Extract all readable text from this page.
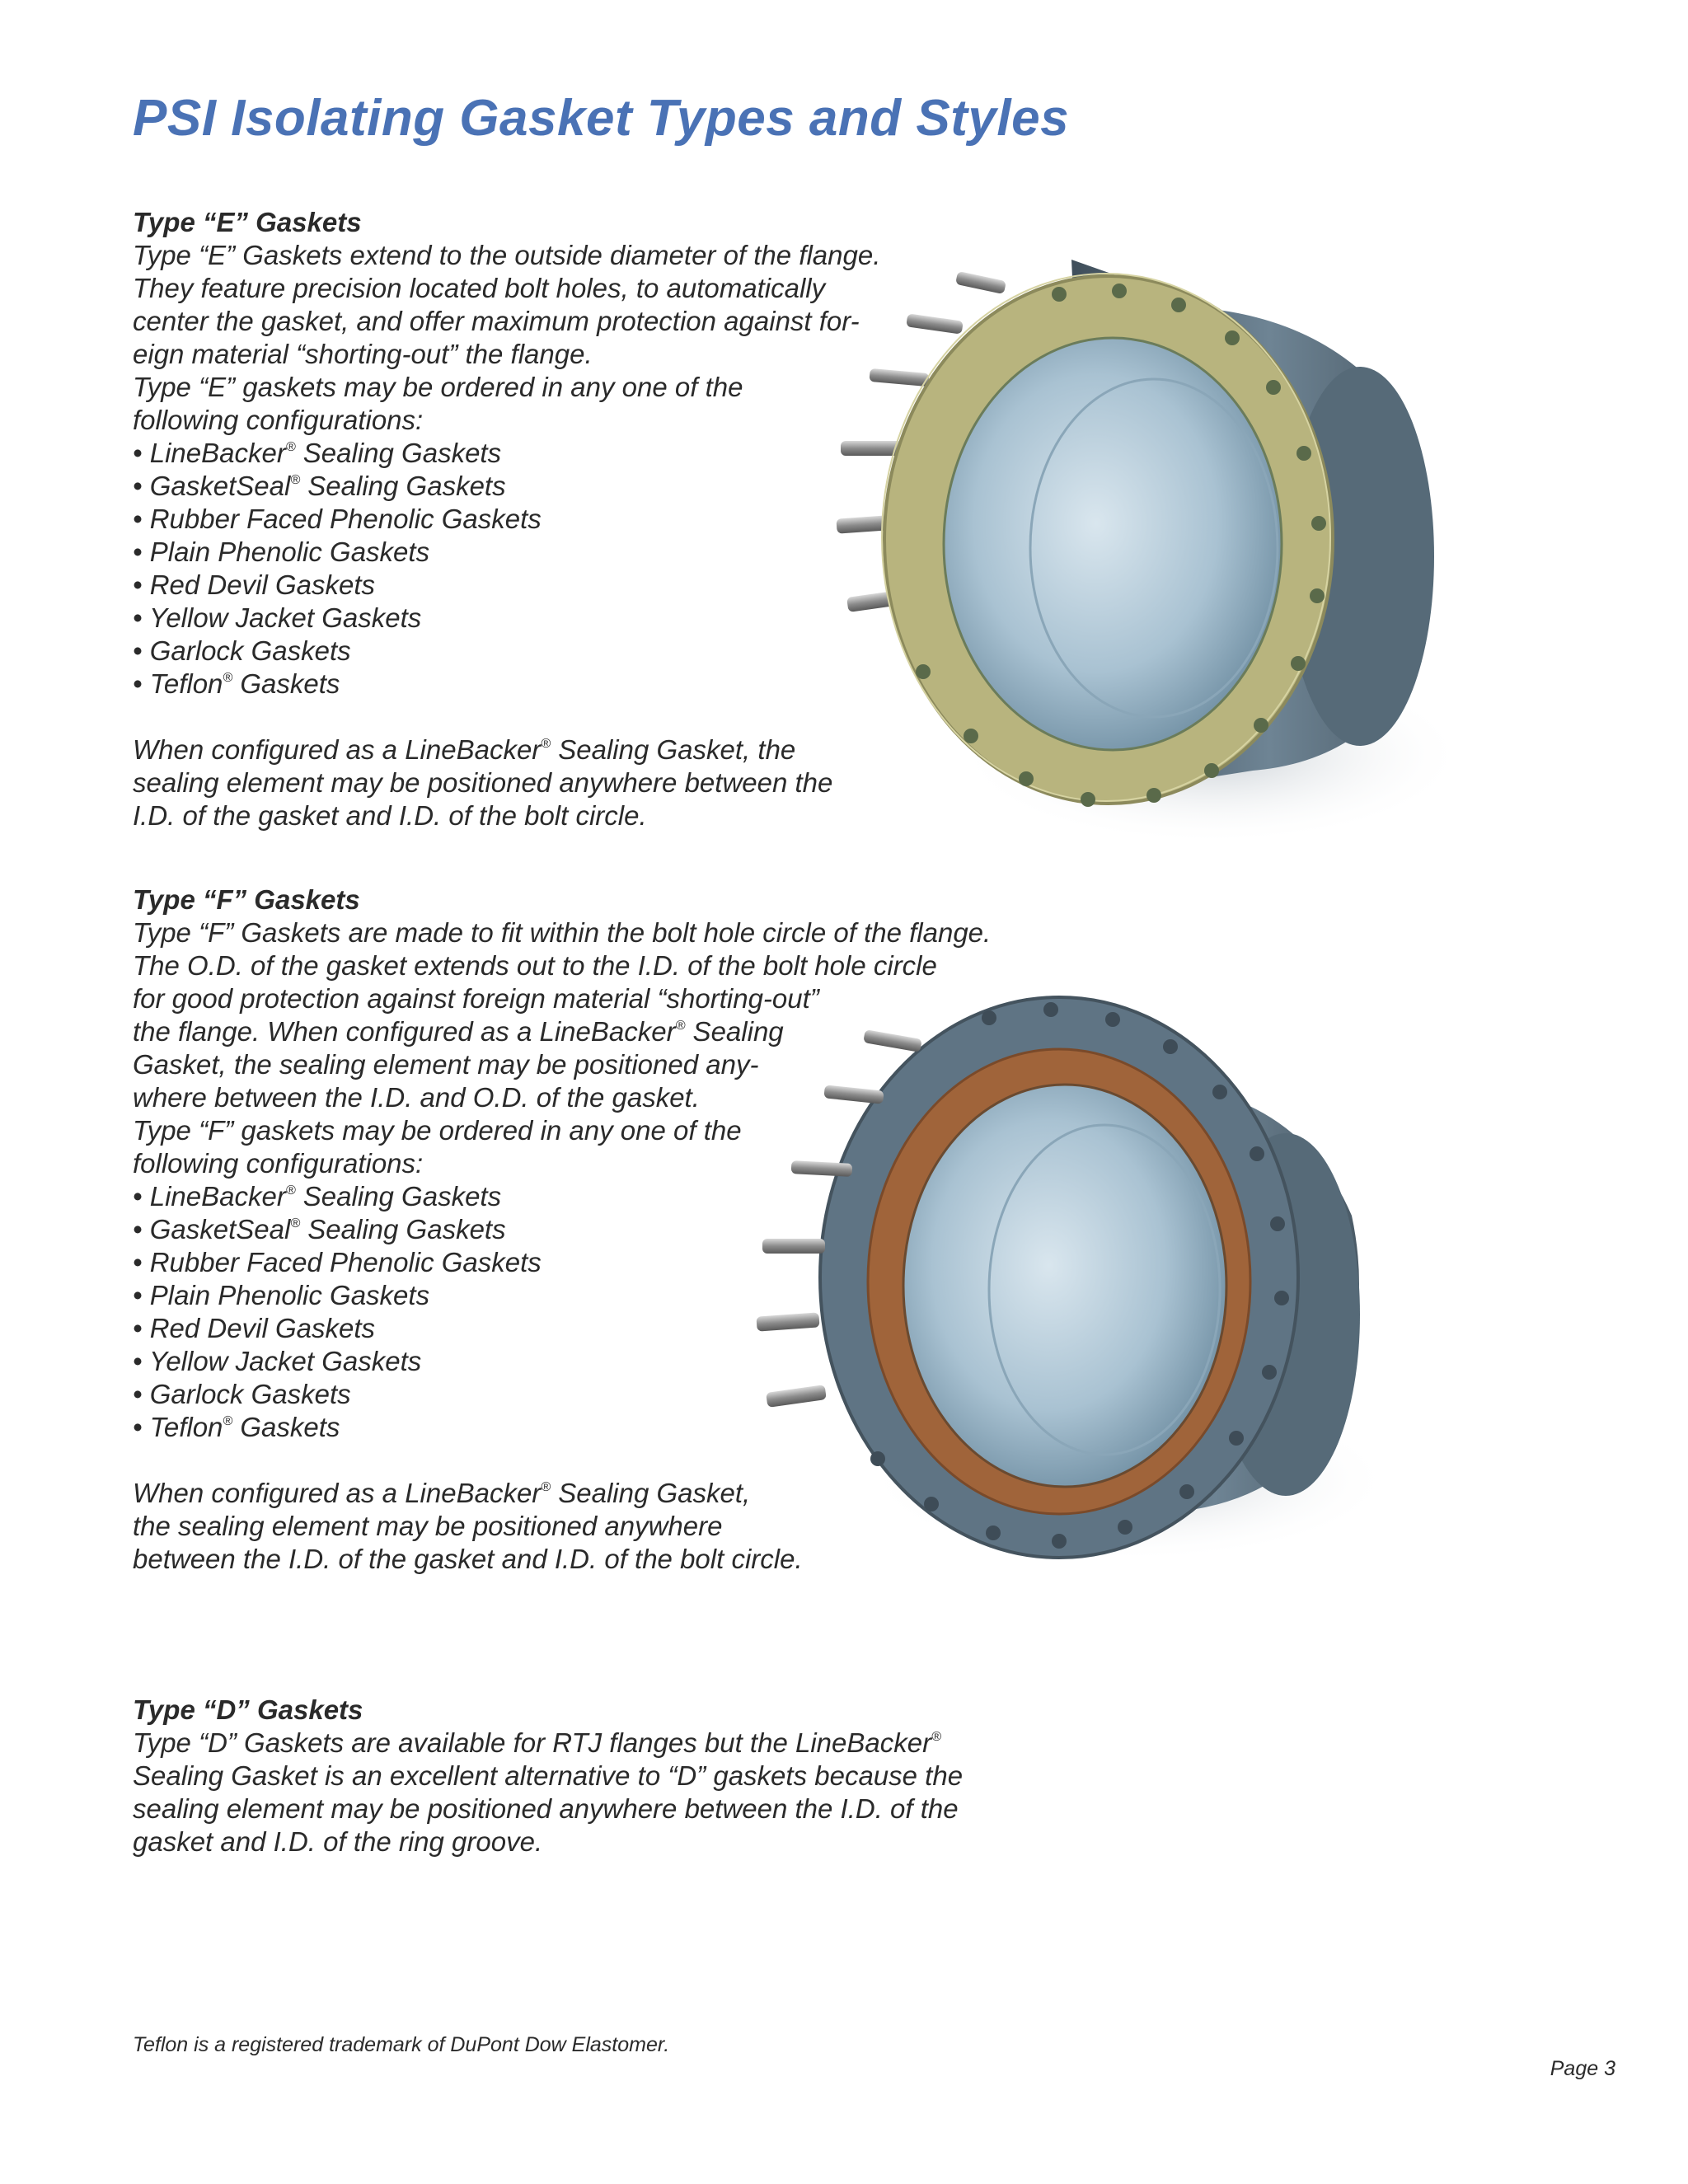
PSI Isolating Gasket Types and Styles

Type “E” Gaskets

Type “E” Gaskets extend to the outside diameter of the flange.

They feature precision located bolt holes, to automatically

center the gasket, and offer maximum protection against for-

eign material “shorting-out” the flange.

Type “E” gaskets may be ordered in any one of the

following configurations:

• LineBacker® Sealing Gaskets
• GasketSeal® Sealing Gaskets
• Rubber Faced Phenolic Gaskets
• Plain Phenolic Gaskets
• Red Devil Gaskets
• Yellow Jacket Gaskets
• Garlock Gaskets
• Teflon® Gaskets

When configured as a LineBacker® Sealing Gasket, the

sealing element may be positioned anywhere between the

I.D. of the gasket and I.D. of the bolt circle.

Type “F” Gaskets

Type “F” Gaskets are made to fit within the bolt hole circle of the flange.

The O.D. of the gasket extends out to the I.D. of the bolt hole circle

for good protection against foreign material “shorting-out”

the flange. When configured as a LineBacker® Sealing

Gasket, the sealing element may be positioned any-

where between the I.D. and O.D. of the gasket.

Type “F” gaskets may be ordered in any one of the

following configurations:

• LineBacker® Sealing Gaskets
• GasketSeal® Sealing Gaskets
• Rubber Faced Phenolic Gaskets
• Plain Phenolic Gaskets
• Red Devil Gaskets
• Yellow Jacket Gaskets
• Garlock Gaskets
• Teflon® Gaskets

When configured as a LineBacker® Sealing Gasket,

the sealing element may be positioned anywhere

between the I.D. of the gasket and I.D. of the bolt circle.

Type “D” Gaskets

Type “D” Gaskets are available for RTJ flanges but the LineBacker®

Sealing Gasket is an excellent alternative to “D” gaskets because the

sealing element may be positioned anywhere between the I.D. of the

gasket and I.D. of the ring groove.

Teflon is a registered trademark of DuPont Dow Elastomer.

Page 3
